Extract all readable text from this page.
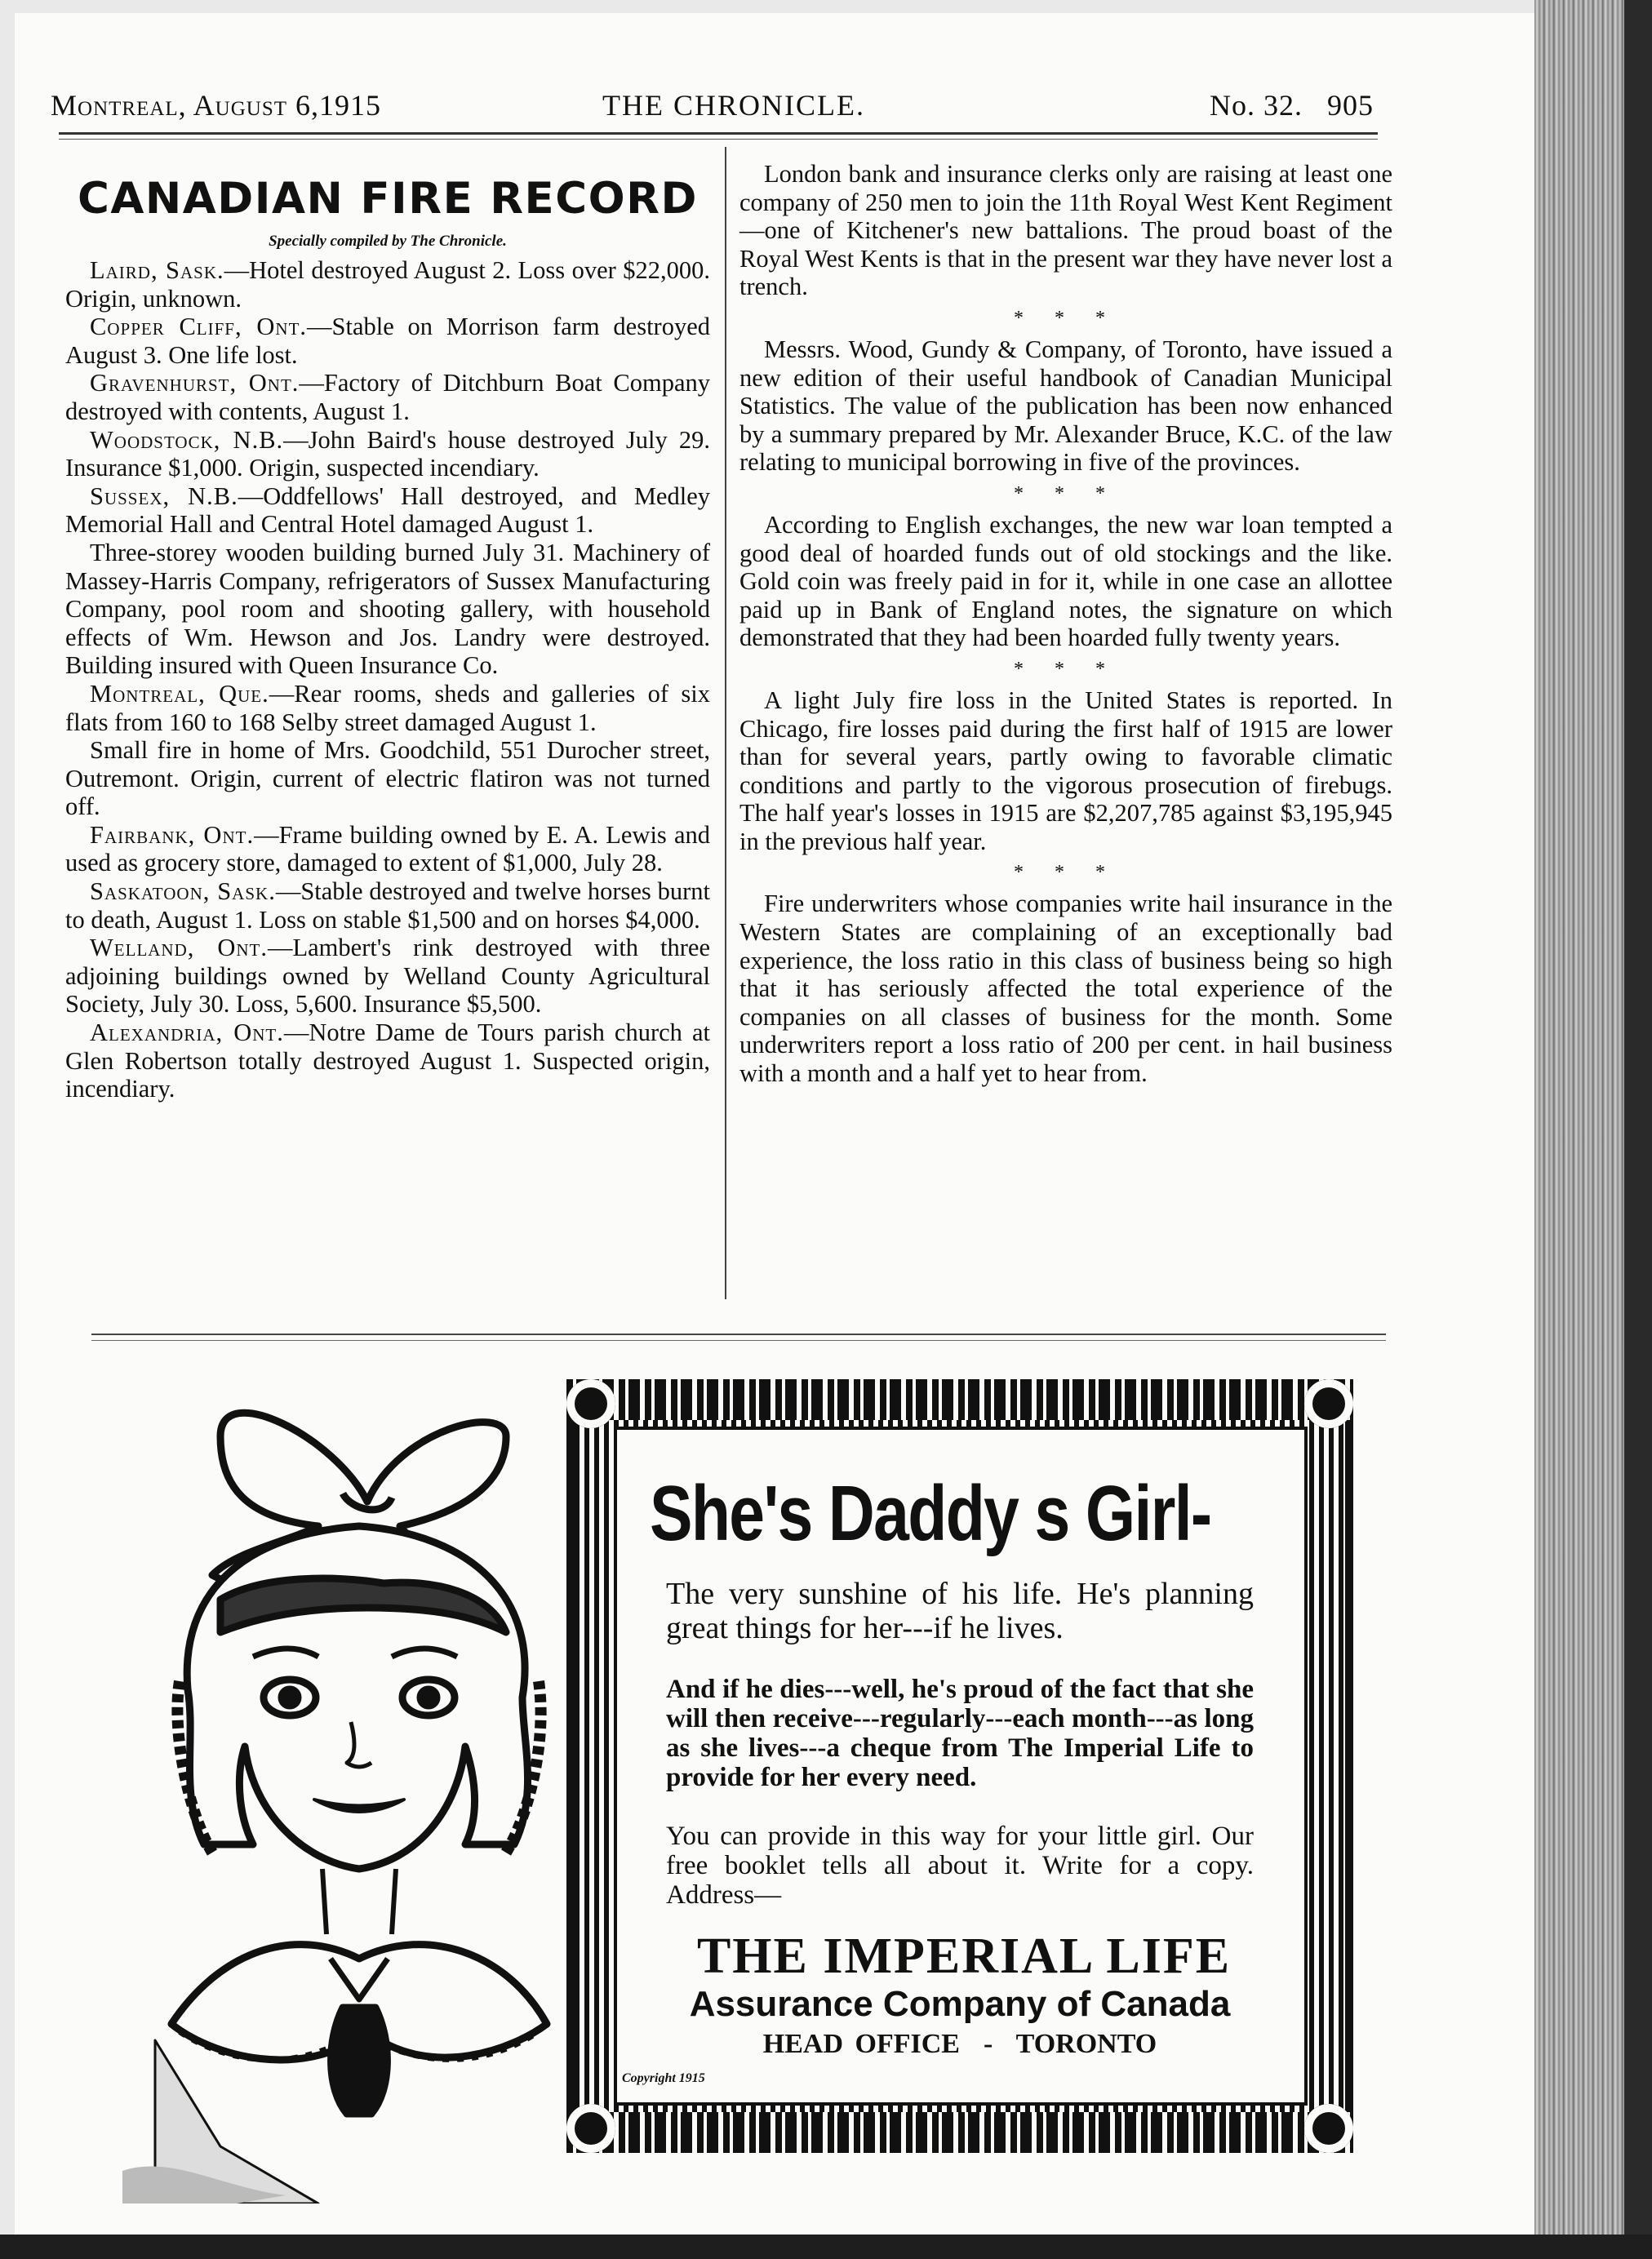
Montreal, August 6,1915	THE CHRONICLE.	No. 32.   905
CANADIAN FIRE RECORD
Specially compiled by The Chronicle.

Laird, Sask.—Hotel destroyed August 2. Loss over $22,000. Origin, unknown.

Copper Cliff, Ont.—Stable on Morrison farm destroyed August 3. One life lost.

Gravenhurst, Ont.—Factory of Ditchburn Boat Company destroyed with contents, August 1.

Woodstock, N.B.—John Baird's house destroyed July 29. Insurance $1,000. Origin, suspected incendiary.

Sussex, N.B.—Oddfellows' Hall destroyed, and Medley Memorial Hall and Central Hotel damaged August 1.

Three-storey wooden building burned July 31. Machinery of Massey-Harris Company, refrigerators of Sussex Manufacturing Company, pool room and shooting gallery, with household effects of Wm. Hewson and Jos. Landry were destroyed. Building insured with Queen Insurance Co.

Montreal, Que.—Rear rooms, sheds and galleries of six flats from 160 to 168 Selby street damaged August 1.

Small fire in home of Mrs. Goodchild, 551 Durocher street, Outremont. Origin, current of electric flatiron was not turned off.

Fairbank, Ont.—Frame building owned by E. A. Lewis and used as grocery store, damaged to extent of $1,000, July 28.

Saskatoon, Sask.—Stable destroyed and twelve horses burnt to death, August 1. Loss on stable $1,500 and on horses $4,000.

Welland, Ont.—Lambert's rink destroyed with three adjoining buildings owned by Welland County Agricultural Society, July 30. Loss, 5,600. Insurance $5,500.

Alexandria, Ont.—Notre Dame de Tours parish church at Glen Robertson totally destroyed August 1. Suspected origin, incendiary.

London bank and insurance clerks only are raising at least one company of 250 men to join the 11th Royal West Kent Regiment—one of Kitchener's new battalions. The proud boast of the Royal West Kents is that in the present war they have never lost a trench.

* * *

Messrs. Wood, Gundy & Company, of Toronto, have issued a new edition of their useful handbook of Canadian Municipal Statistics. The value of the publication has been now enhanced by a summary prepared by Mr. Alexander Bruce, K.C. of the law relating to municipal borrowing in five of the provinces.

* * *

According to English exchanges, the new war loan tempted a good deal of hoarded funds out of old stockings and the like. Gold coin was freely paid in for it, while in one case an allottee paid up in Bank of England notes, the signature on which demonstrated that they had been hoarded fully twenty years.

* * *

A light July fire loss in the United States is reported. In Chicago, fire losses paid during the first half of 1915 are lower than for several years, partly owing to favorable climatic conditions and partly to the vigorous prosecution of firebugs. The half year's losses in 1915 are $2,207,785 against $3,195,945 in the previous half year.

* * *

Fire underwriters whose companies write hail insurance in the Western States are complaining of an exceptionally bad experience, the loss ratio in this class of business being so high that it has seriously affected the total experience of the companies on all classes of business for the month. Some underwriters report a loss ratio of 200 per cent. in hail business with a month and a half yet to hear from.

She's Daddy s Girl-
The very sunshine of his life. He's planning great things for her---if he lives.
And if he dies---well, he's proud of the fact that she will then receive---regularly---each month---as long as she lives---a cheque from The Imperial Life to provide for her every need.
You can provide in this way for your little girl. Our free booklet tells all about it. Write for a copy. Address—
THE IMPERIAL LIFE
Assurance Company of Canada
HEAD OFFICE  -  TORONTO
Copyright 1915
